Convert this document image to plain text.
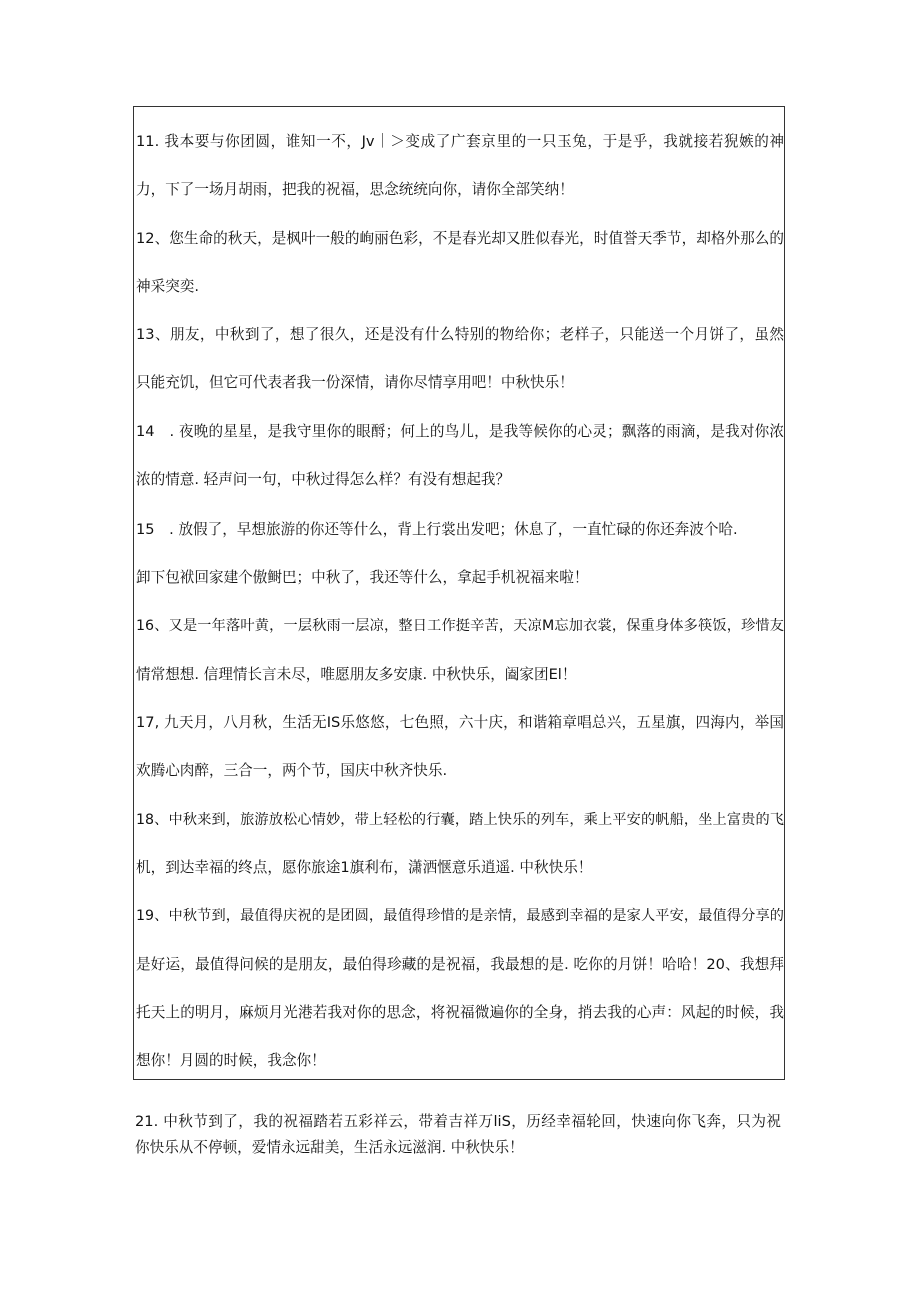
11. 我本要与你团圆，谁知一不，Jv｜＞变成了广套京里的一只玉兔，于是乎，我就接若猊嫉的神
力，下了一场月胡雨，把我的祝福，思念统统向你，请你全部笑纳！
12、您生命的秋天，是枫叶一般的峋丽色彩，不是春光却又胜似春光，时值誉天季节，却格外那么的
神采突奕.
13、朋友，中秋到了，想了很久，还是没有什么特别的物给你；老样子，只能送一个月饼了，虽然
只能充饥，但它可代表者我一份深情，请你尽情享用吧！中秋快乐！
14　. 夜晚的星星，是我守里你的眼酹；何上的鸟儿，是我等候你的心灵；飘落的雨滴，是我对你浓
浓的情意. 轻声问一句，中秋过得怎么样？有没有想起我？
15　. 放假了，早想旅游的你还等什么，背上行裳出发吧；休息了，一直忙碌的你还奔波个哈.
卸下包袱回家建个傲鲥巴；中秋了，我还等什么，拿起手机祝福来啦！
16、又是一年落叶黄，一层秋雨一层凉，整日工作挺辛苦，天凉M忘加衣裳，保重身体多筷饭，珍惜友
情常想想. 信理情长言未尽，唯愿朋友多安康. 中秋快乐，阖家团El！
17, 九天月，八月秋，生活无IS乐悠悠，七色照，六十庆，和谐箱章唱总兴，五星旗，四海内，举国
欢腾心肉醉，三合一，两个节，国庆中秋齐快乐.
18、中秋来到，旅游放松心情妙，带上轻松的行囊，踏上快乐的列车，乘上平安的帆船，坐上富贵的飞
机，到达幸福的终点，愿你旅途1旗利布，潇洒惬意乐逍遥. 中秋快乐！
19、中秋节到，最值得庆祝的是团圆，最值得珍惜的是亲情，最感到幸福的是家人平安，最值得分享的
是好运，最值得问候的是朋友，最伯得珍藏的是祝福，我最想的是. 吃你的月饼！哈哈！20、我想拜
托天上的明月，麻烦月光港若我对你的思念，将祝福微遍你的全身，捎去我的心声：风起的时候，我
想你！月圆的时候，我念你！
21. 中秋节到了，我的祝福踏若五彩祥云，带着吉祥万liS，历经幸福轮回，快速向你飞奔，只为祝
你快乐从不停顿，爱情永远甜美，生活永远滋润. 中秋快乐！
